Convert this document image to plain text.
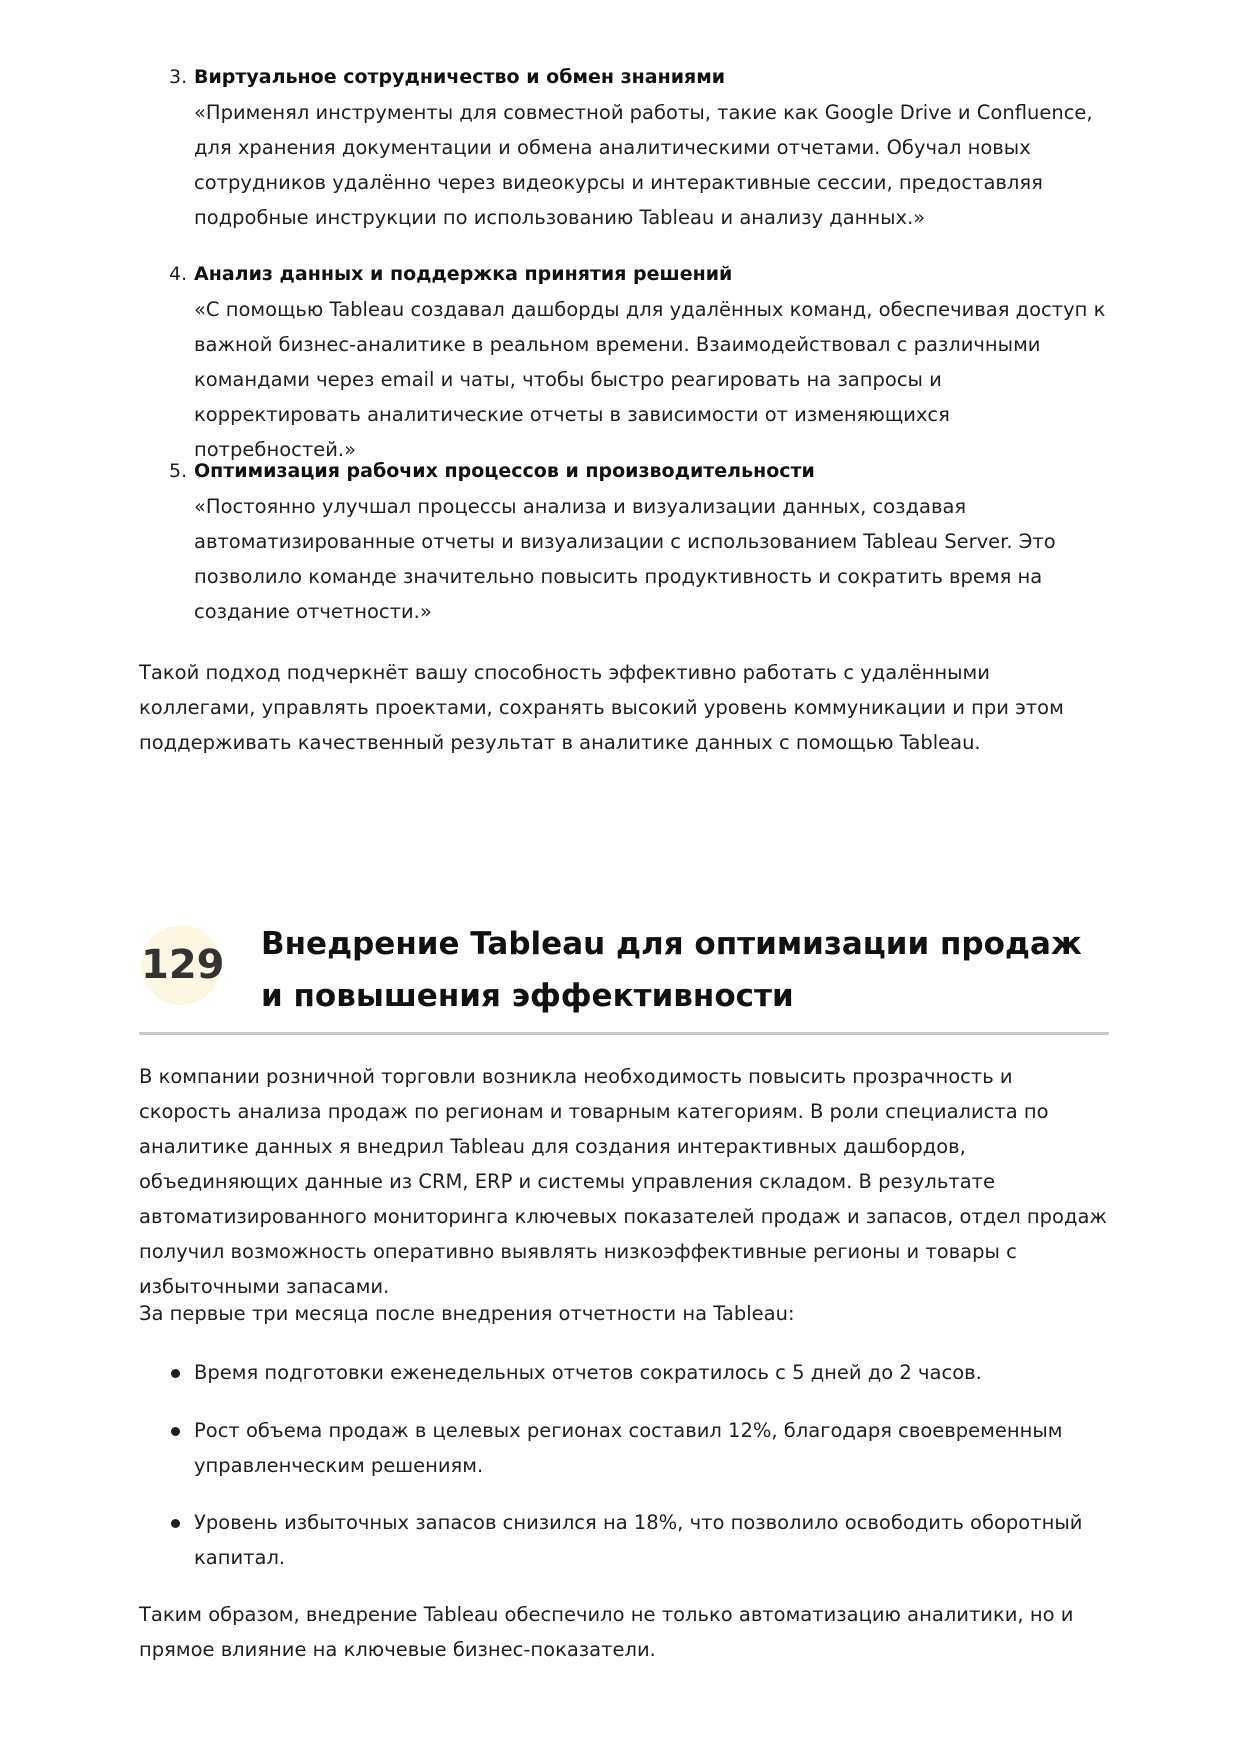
3. Виртуальное сотрудничество и обмен знаниями
«Применял инструменты для совместной работы, такие как Google Drive и Confluence, для хранения документации и обмена аналитическими отчетами. Обучал новых сотрудников удалённо через видеокурсы и интерактивные сессии, предоставляя подробные инструкции по использованию Tableau и анализу данных.»
4. Анализ данных и поддержка принятия решений
«С помощью Tableau создавал дашборды для удалённых команд, обеспечивая доступ к важной бизнес-аналитике в реальном времени. Взаимодействовал с различными командами через email и чаты, чтобы быстро реагировать на запросы и корректировать аналитические отчеты в зависимости от изменяющихся потребностей.»
5. Оптимизация рабочих процессов и производительности
«Постоянно улучшал процессы анализа и визуализации данных, создавая автоматизированные отчеты и визуализации с использованием Tableau Server. Это позволило команде значительно повысить продуктивность и сократить время на создание отчетности.»

Такой подход подчеркнёт вашу способность эффективно работать с удалёнными коллегами, управлять проектами, сохранять высокий уровень коммуникации и при этом поддерживать качественный результат в аналитике данных с помощью Tableau.

129 Внедрение Tableau для оптимизации продаж и повышения эффективности

В компании розничной торговли возникла необходимость повысить прозрачность и скорость анализа продаж по регионам и товарным категориям. В роли специалиста по аналитике данных я внедрил Tableau для создания интерактивных дашбордов, объединяющих данные из CRM, ERP и системы управления складом. В результате автоматизированного мониторинга ключевых показателей продаж и запасов, отдел продаж получил возможность оперативно выявлять низкоэффективные регионы и товары с избыточными запасами.

За первые три месяца после внедрения отчетности на Tableau:

Время подготовки еженедельных отчетов сократилось с 5 дней до 2 часов.
Рост объема продаж в целевых регионах составил 12%, благодаря своевременным управленческим решениям.
Уровень избыточных запасов снизился на 18%, что позволило освободить оборотный капитал.

Таким образом, внедрение Tableau обеспечило не только автоматизацию аналитики, но и прямое влияние на ключевые бизнес-показатели.
